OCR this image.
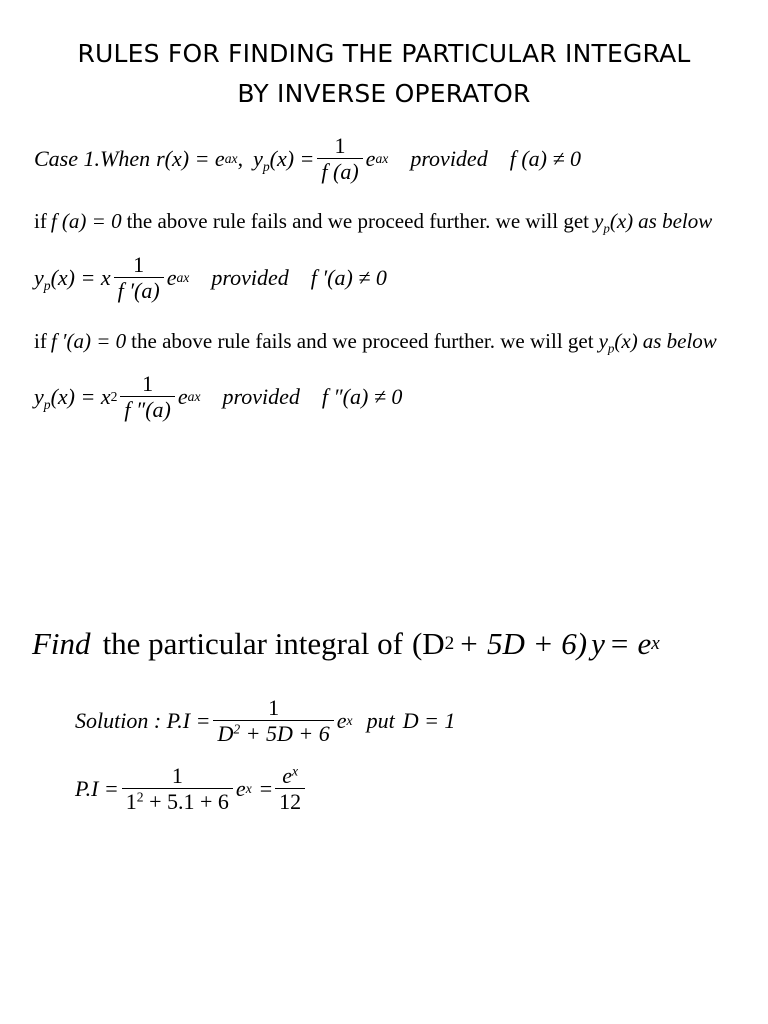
RULES FOR FINDING THE PARTICULAR INTEGRAL
BY INVERSE OPERATOR
Case 1.When r(x) = e ax , $y_p$ $(x) = \frac{1}{f (a)}$ e ax provided f (a) ≠ 0
if f (a) = 0 the above rule fails and we proceed further. we will get $y_p$ (x) as below
$y_p$ (x) = x $\frac{1}{f '(a)}$ e ax provided f ′(a) ≠ 0
if f ′(a) = 0 the above rule fails and we proceed further. we will get $y_p$ (x) as below
$y_p$ (x) = x $2 \frac{1}{f ''(a)}$ e ax provided f ″(a) ≠ 0
Find the particular integral of (D 2 + 5D + 6) y = e x
Solution : $P.I = \frac{1}{D^2 + 5D + 6}$ e x put D = 1
$P.I = \frac{1}{1^2 + 5.1 + 6}$ e $x = \frac{e^x}{12}$
